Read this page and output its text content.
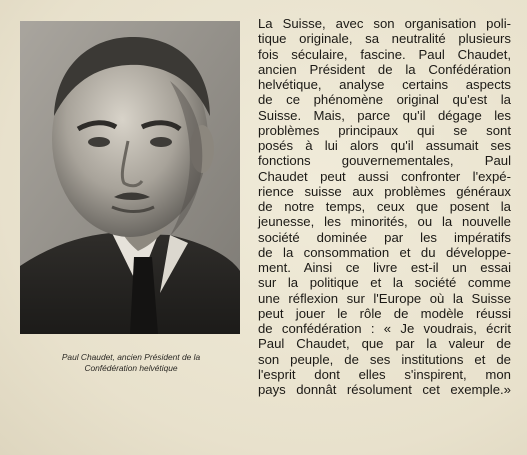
Paul Chaudet, ancien Président de la
Confédération helvétique
La Suisse, avec son organisation poli-
tique originale, sa neutralité plusieurs
fois séculaire, fascine. Paul Chaudet,
ancien Président de la Confédération
helvétique, analyse certains aspects
de ce phénomène original qu'est la
Suisse. Mais, parce qu'il dégage les
problèmes principaux qui se sont
posés à lui alors qu'il assumait ses
fonctions gouvernementales, Paul
Chaudet peut aussi confronter l'expé-
rience suisse aux problèmes généraux
de notre temps, ceux que posent la
jeunesse, les minorités, ou la nouvelle
société dominée par les impératifs
de la consommation et du développe-
ment. Ainsi ce livre est-il un essai
sur la politique et la société comme
une réflexion sur l'Europe où la Suisse
peut jouer le rôle de modèle réussi
de confédération : « Je voudrais, écrit
Paul Chaudet, que par la valeur de
son peuple, de ses institutions et de
l'esprit dont elles s'inspirent, mon
pays donnât résolument cet exemple.»
